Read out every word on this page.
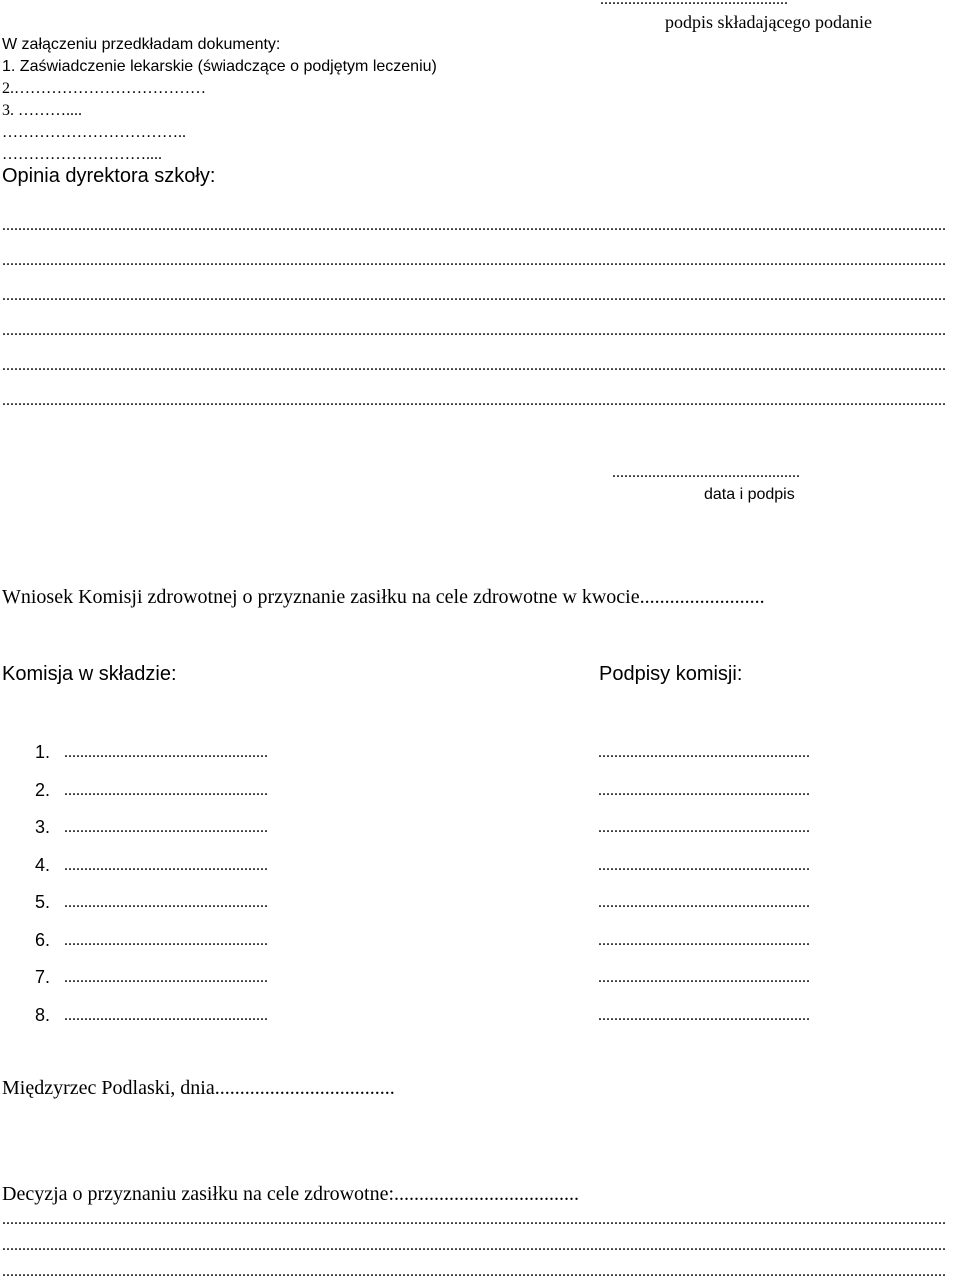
podpis składającego podanie
W załączeniu przedkładam dokumenty:
1. Zaświadczenie lekarskie (świadczące o podjętym leczeniu)
2.………………………………
3. ………....
……………………………..
………………………....
Opinia dyrektora szkoły:
............................................................................................................................................................................................................................................
............................................................................................................................................................................................................................................
............................................................................................................................................................................................................................................
............................................................................................................................................................................................................................................
............................................................................................................................................................................................................................................
............................................................................................................................................................................................................................................
...............................................
data i podpis
Wniosek Komisji zdrowotnej o przyznanie zasiłku na cele zdrowotne w kwocie.........................
Komisja w składzie:	Podpisy komisji:
1. ...................................................	.....................................................
2. ...................................................	.....................................................
3. ...................................................	.....................................................
4. ...................................................	.....................................................
5. ...................................................	.....................................................
6. ...................................................	.....................................................
7. ...................................................	.....................................................
8. ...................................................	.....................................................
Międzyrzec Podlaski, dnia....................................
Decyzja o przyznaniu zasiłku na cele zdrowotne:.....................................
............................................................................................................................................................................................................................................
............................................................................................................................................................................................................................................
............................................................................................................................................................................................................................................
